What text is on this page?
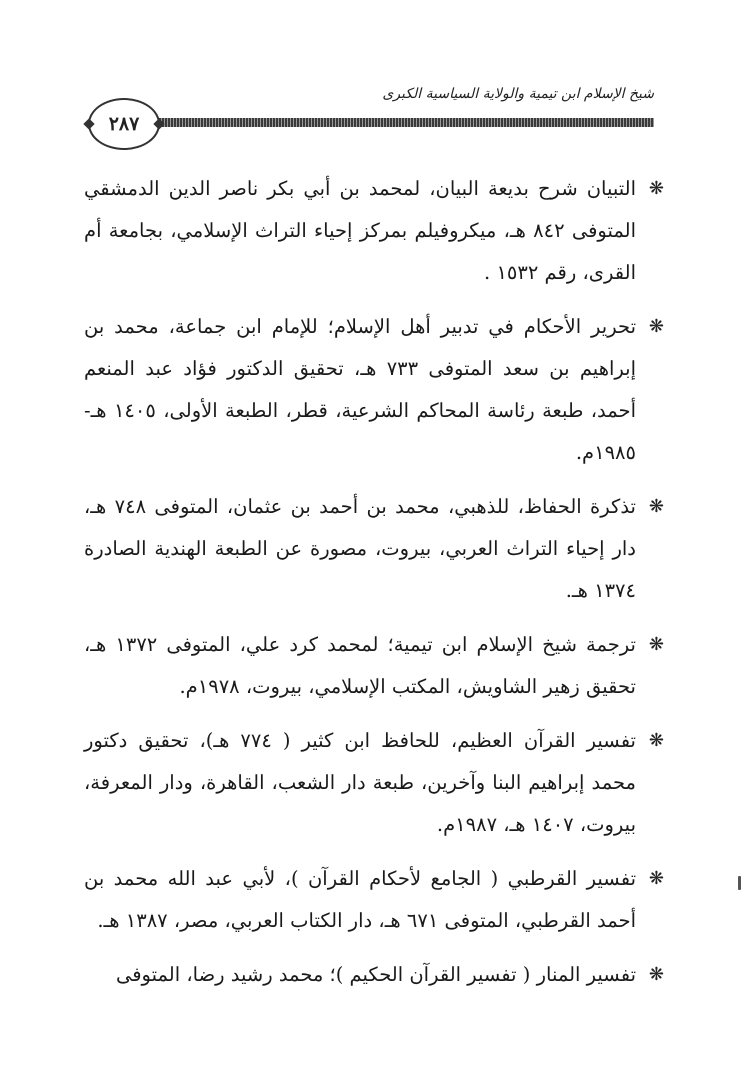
شيخ الإسلام ابن تيمية والولاية السياسية الكبرى
٢٨٧
❋
التبيان شرح بديعة البيان، لمحمد بن أبي بكر ناصر الدين الدمشقي المتوفى ٨٤٢ هـ، ميكروفيلم بمركز إحياء التراث الإسلامي، بجامعة أم القرى، رقم ١٥٣٢ .
❋
تحرير الأحكام في تدبير أهل الإسلام؛ للإمام ابن جماعة، محمد بن إبراهيم بن سعد المتوفى ٧٣٣ هـ، تحقيق الدكتور فؤاد عبد المنعم أحمد، طبعة رئاسة المحاكم الشرعية، قطر، الطبعة الأولى، ١٤٠٥ هـ- ١٩٨٥م.
❋
تذكرة الحفاظ، للذهبي، محمد بن أحمد بن عثمان، المتوفى ٧٤٨ هـ، دار إحياء التراث العربي، بيروت، مصورة عن الطبعة الهندية الصادرة ١٣٧٤ هـ.
❋
ترجمة شيخ الإسلام ابن تيمية؛ لمحمد كرد علي، المتوفى ١٣٧٢ هـ، تحقيق زهير الشاويش، المكتب الإسلامي، بيروت، ١٩٧٨م.
❋
تفسير القرآن العظيم، للحافظ ابن كثير ( ٧٧٤ هـ)، تحقيق دكتور محمد إبراهيم البنا وآخرين، طبعة دار الشعب، القاهرة، ودار المعرفة، بيروت، ١٤٠٧ هـ، ١٩٨٧م.
❋
تفسير القرطبي ( الجامع لأحكام القرآن )، لأبي عبد الله محمد بن أحمد القرطبي، المتوفى ٦٧١ هـ، دار الكتاب العربي، مصر، ١٣٨٧ هـ.
❋
تفسير المنار ( تفسير القرآن الحكيم )؛ محمد رشيد رضا، المتوفى
